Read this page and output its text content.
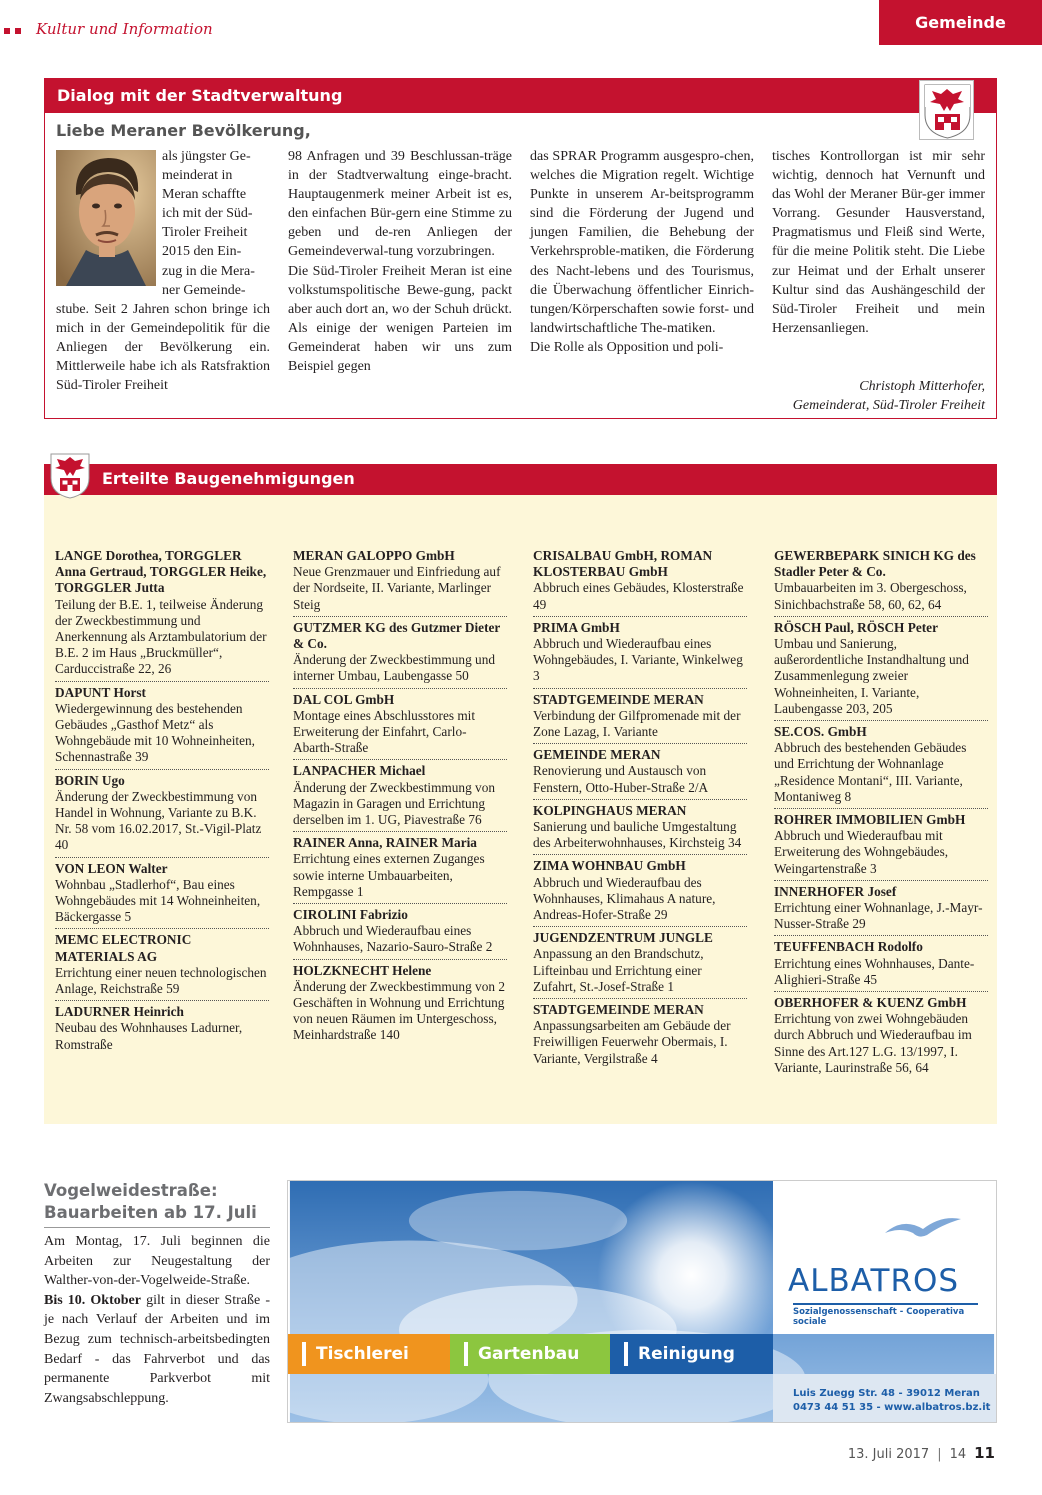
Kultur und Information	Gemeinde
Dialog mit der Stadtverwaltung
Liebe Meraner Bevölkerung,

als jüngster Ge-

meinderat in

Meran schaffte

ich mit der Süd-

Tiroler Freiheit

2015 den Ein-

zug in die Mera-

ner Gemeinde-

stube. Seit 2 Jahren schon bringe ich mich in der Gemeindepolitik für die Anliegen der Bevölkerung ein. Mittlerweile habe ich als Ratsfraktion Süd-Tiroler Freiheit

98 Anfragen und 39 Beschlussan-träge in der Stadtverwaltung einge-bracht. Hauptaugenmerk meiner Arbeit ist es, den einfachen Bür-gern eine Stimme zu geben und de-ren Anliegen der Gemeindeverwal-tung vorzubringen.

Die Süd-Tiroler Freiheit Meran ist eine volkstumspolitische Bewe-gung, packt aber auch dort an, wo der Schuh drückt. Als einige der wenigen Parteien im Gemeinderat haben wir uns zum Beispiel gegen

das SPRAR Programm ausgespro-chen, welches die Migration regelt. Wichtige Punkte in unserem Ar-beitsprogramm sind die Förderung der Jugend und jungen Familien, die Behebung der Verkehrsproble-matiken, die Förderung des Nacht-lebens und des Tourismus, die Überwachung öffentlicher Einrich-tungen/Körperschaften sowie forst- und landwirtschaftliche The-matiken.

Die Rolle als Opposition und poli-

tisches Kontrollorgan ist mir sehr wichtig, dennoch hat Vernunft und das Wohl der Meraner Bür-ger immer Vorrang. Gesunder Hausverstand, Pragmatismus und Fleiß sind Werte, für die meine Politik steht. Die Liebe zur Heimat und der Erhalt unserer Kultur sind das Aushängeschild der Süd-Tiroler Freiheit und mein Herzensanliegen.

Christoph Mitterhofer,
Gemeinderat, Süd-Tiroler Freiheit
Erteilte Baugenehmigungen
LANGE Dorothea, TORGGLER Anna Gertraud, TORGGLER Heike, TORGGLER Jutta
Teilung der B.E. 1, teilweise Änderung der Zweckbestimmung und Anerkennung als Arztambulatorium der B.E. 2 im Haus „Bruckmüller“, Carduccistraße 22, 26
DAPUNT Horst
Wiedergewinnung des bestehenden Gebäudes „Gasthof Metz“ als Wohngebäude mit 10 Wohneinheiten, Schennastraße 39
BORIN Ugo
Änderung der Zweckbestimmung von Handel in Wohnung, Variante zu B.K. Nr. 58 vom 16.02.2017, St.-Vigil-Platz 40
VON LEON Walter
Wohnbau „Stadlerhof“, Bau eines Wohngebäudes mit 14 Wohneinheiten, Bäckergasse 5
MEMC ELECTRONIC MATERIALS AG
Errichtung einer neuen technologischen Anlage, Reichstraße 59
LADURNER Heinrich
Neubau des Wohnhauses Ladurner, Romstraße
MERAN GALOPPO GmbH
Neue Grenzmauer und Einfriedung auf der Nordseite, II. Variante, Marlinger Steig
GUTZMER KG des Gutzmer Dieter & Co.
Änderung der Zweckbestimmung und interner Umbau, Laubengasse 50
DAL COL GmbH
Montage eines Abschlusstores mit Erweiterung der Einfahrt, Carlo-Abarth-Straße
LANPACHER Michael
Änderung der Zweckbestimmung von Magazin in Garagen und Errichtung derselben im 1. UG, Piavestraße 76
RAINER Anna, RAINER Maria
Errichtung eines externen Zuganges sowie interne Umbauarbeiten, Rempgasse 1
CIROLINI Fabrizio
Abbruch und Wiederaufbau eines Wohnhauses, Nazario-Sauro-Straße 2
HOLZKNECHT Helene
Änderung der Zweckbestimmung von 2 Geschäften in Wohnung und Errichtung von neuen Räumen im Untergeschoss, Meinhardstraße 140
CRISALBAU GmbH, ROMAN KLOSTERBAU GmbH
Abbruch eines Gebäudes, Klosterstraße 49
PRIMA GmbH
Abbruch und Wiederaufbau eines Wohngebäudes, I. Variante, Winkelweg 3
STADTGEMEINDE MERAN
Verbindung der Gilfpromenade mit der Zone Lazag, I. Variante
GEMEINDE MERAN
Renovierung und Austausch von Fenstern, Otto-Huber-Straße 2/A
KOLPINGHAUS MERAN
Sanierung und bauliche Umgestaltung des Arbeiterwohnhauses, Kirchsteig 34
ZIMA WOHNBAU GmbH
Abbruch und Wiederaufbau des Wohnhauses, Klimahaus A nature, Andreas-Hofer-Straße 29
JUGENDZENTRUM JUNGLE
Anpassung an den Brandschutz, Lifteinbau und Errichtung einer Zufahrt, St.-Josef-Straße 1
STADTGEMEINDE MERAN
Anpassungsarbeiten am Gebäude der Freiwilligen Feuerwehr Obermais, I. Variante, Vergilstraße 4
GEWERBEPARK SINICH KG des Stadler Peter & Co.
Umbauarbeiten im 3. Obergeschoss, Sinichbachstraße 58, 60, 62, 64
RÖSCH Paul, RÖSCH Peter
Umbau und Sanierung, außerordentliche Instandhaltung und Zusammenlegung zweier Wohneinheiten, I. Variante, Laubengasse 203, 205
SE.COS. GmbH
Abbruch des bestehenden Gebäudes und Errichtung der Wohnanlage „Residence Montani“, III. Variante, Montaniweg 8
ROHRER IMMOBILIEN GmbH
Abbruch und Wiederaufbau mit Erweiterung des Wohngebäudes, Weingartenstraße 3
INNERHOFER Josef
Errichtung einer Wohnanlage, J.-Mayr-Nusser-Straße 29
TEUFFENBACH Rodolfo
Errichtung eines Wohnhauses, Dante-Alighieri-Straße 45
OBERHOFER & KUENZ GmbH
Errichtung von zwei Wohngebäuden durch Abbruch und Wiederaufbau im Sinne des Art.127 L.G. 13/1997, I. Variante, Laurinstraße 56, 64
Vogelweidestraße: Bauarbeiten ab 17. Juli
Am Montag, 17. Juli beginnen die Arbeiten zur Neugestaltung der Walther-von-der-Vogelweide-Straße. Bis 10. Oktober gilt in dieser Straße - je nach Verlauf der Arbeiten und im Bezug zum technisch-arbeitsbedingten Bedarf - das Fahrverbot und das permanente Parkverbot mit Zwangsabschleppung.
ALBATROS
Sozialgenossenschaft - Cooperativa sociale
Tischlerei	Gartenbau	Reinigung
Luis Zuegg Str. 48 - 39012 Meran
0473 44 51 35 - www.albatros.bz.it
13. Juli 2017 | 14 11
